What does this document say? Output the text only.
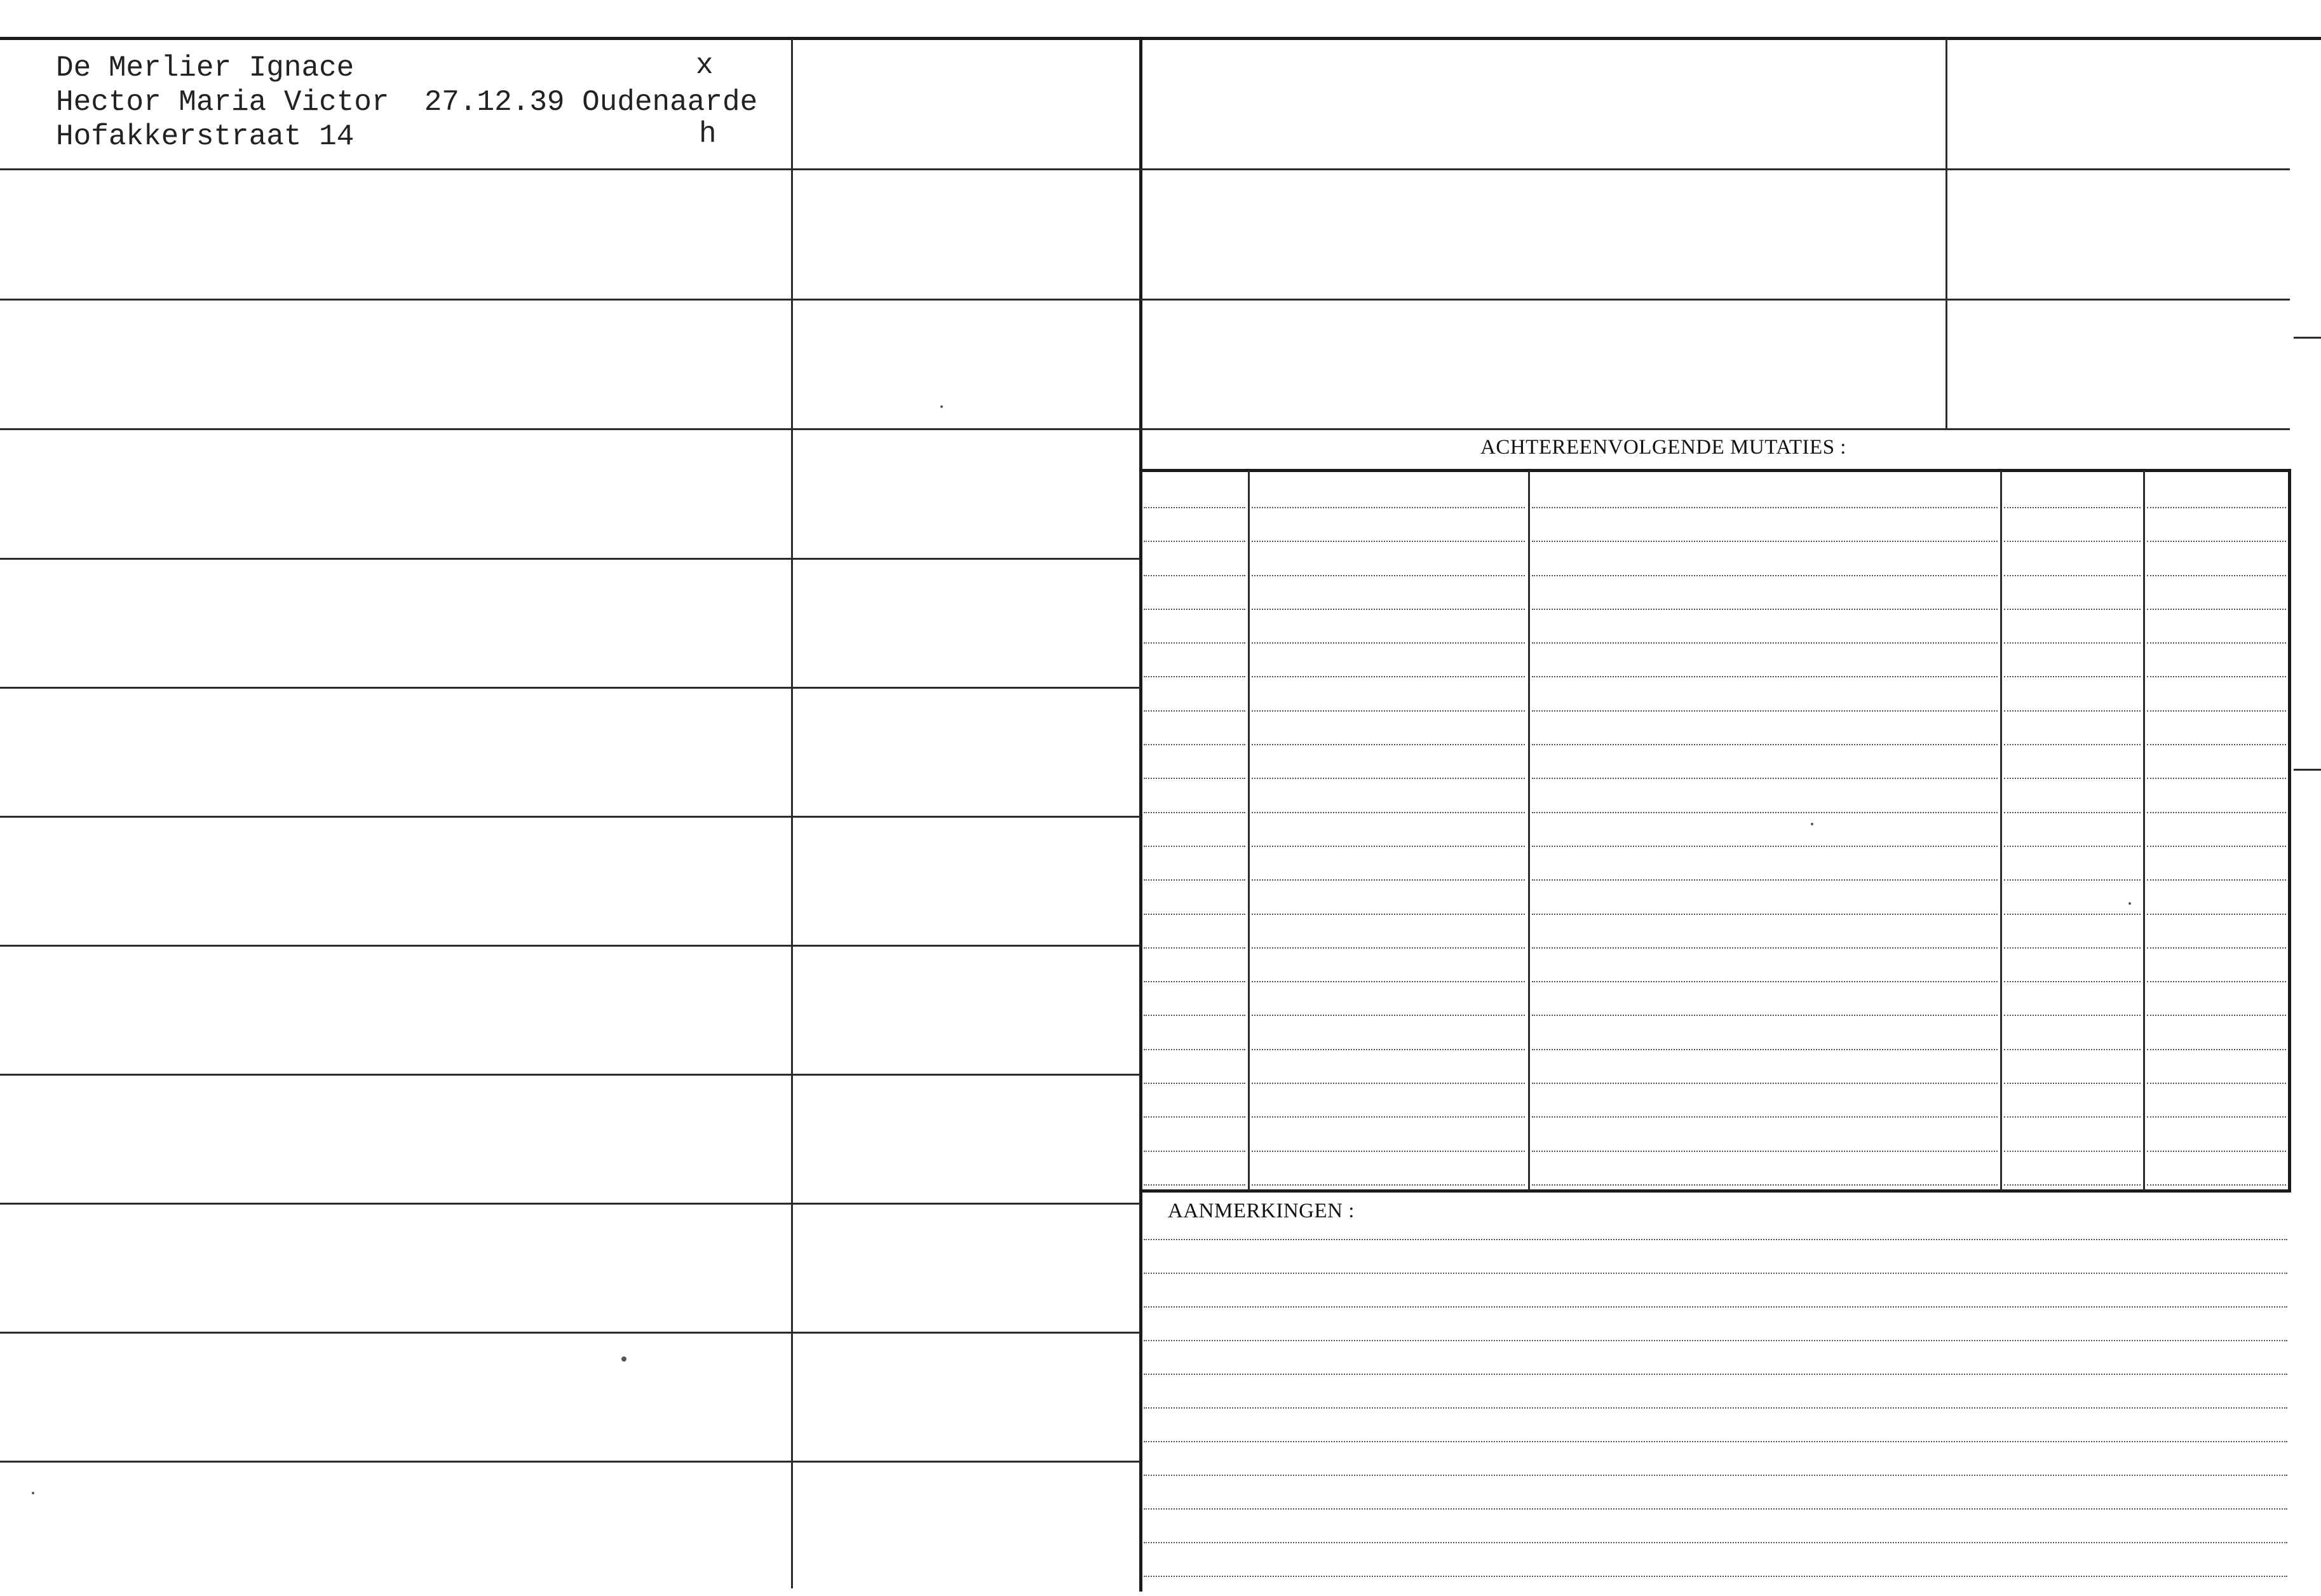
ACHTEREENVOLGENDE MUTATIES :
AANMERKINGEN :
De Merlier Ignace	x
Hector Maria Victor  27.12.39 Oudenaarde
Hofakkerstraat 14	h
